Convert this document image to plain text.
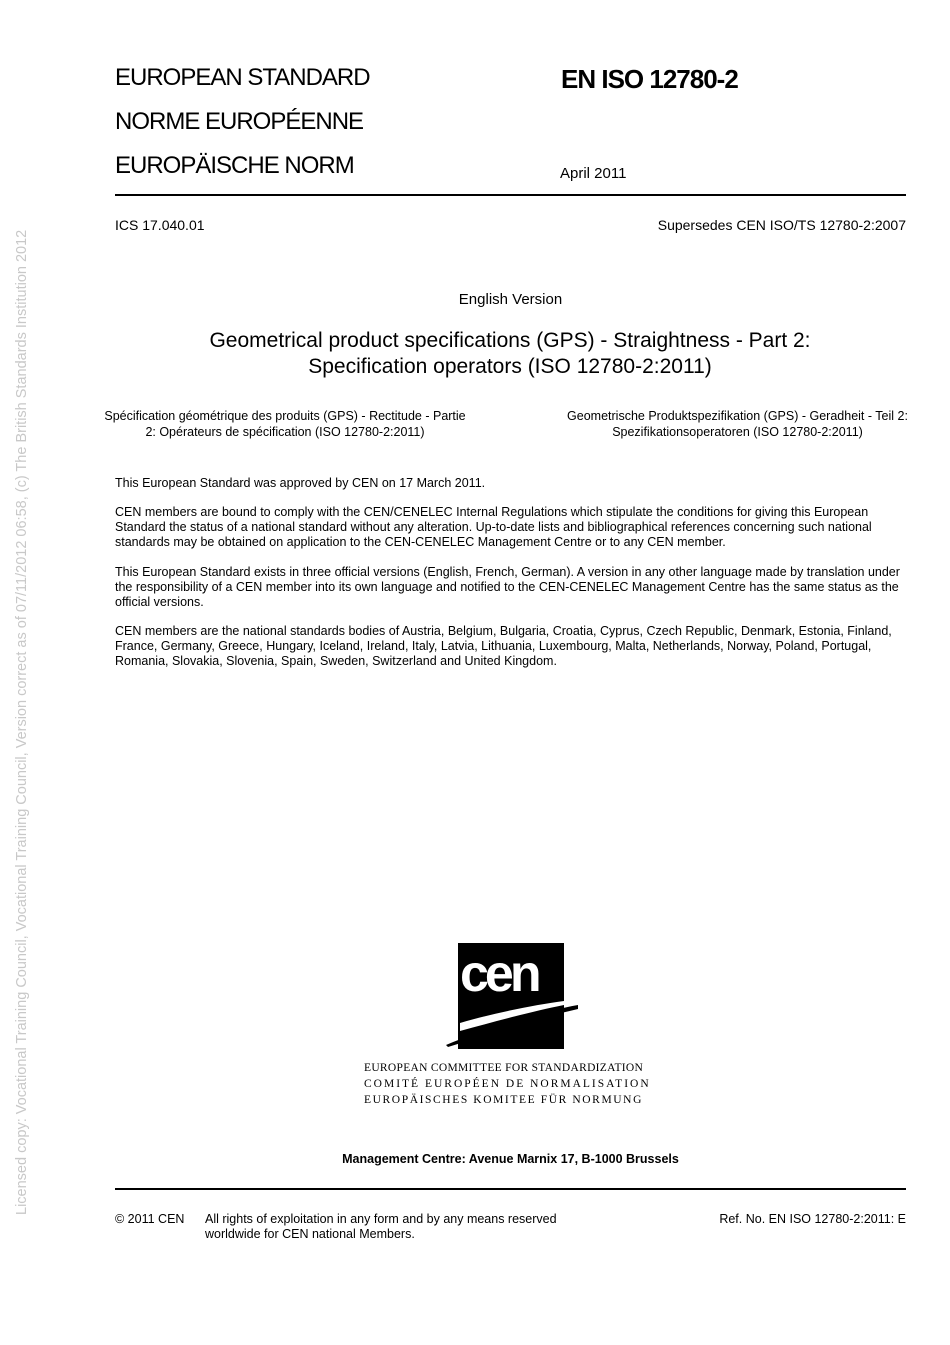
EUROPEAN STANDARD
NORME EUROPÉENNE
EUROPÄISCHE NORM
EN ISO 12780-2
April 2011
ICS 17.040.01	Supersedes CEN ISO/TS 12780-2:2007
English Version
Geometrical product specifications (GPS) - Straightness - Part 2: Specification operators (ISO 12780-2:2011)
Spécification géométrique des produits (GPS) - Rectitude - Partie 2: Opérateurs de spécification (ISO 12780-2:2011)
Geometrische Produktspezifikation (GPS) - Geradheit - Teil 2: Spezifikationsoperatoren (ISO 12780-2:2011)
This European Standard was approved by CEN on 17 March 2011.
CEN members are bound to comply with the CEN/CENELEC Internal Regulations which stipulate the conditions for giving this European Standard the status of a national standard without any alteration. Up-to-date lists and bibliographical references concerning such national standards may be obtained on application to the CEN-CENELEC Management Centre or to any CEN member.
This European Standard exists in three official versions (English, French, German). A version in any other language made by translation under the responsibility of a CEN member into its own language and notified to the CEN-CENELEC Management Centre has the same status as the official versions.
CEN members are the national standards bodies of Austria, Belgium, Bulgaria, Croatia, Cyprus, Czech Republic, Denmark, Estonia, Finland, France, Germany, Greece, Hungary, Iceland, Ireland, Italy, Latvia, Lithuania, Luxembourg, Malta, Netherlands, Norway, Poland, Portugal, Romania, Slovakia, Slovenia, Spain, Sweden, Switzerland and United Kingdom.
cen
EUROPEAN COMMITTEE FOR STANDARDIZATION
COMITÉ EUROPÉEN DE NORMALISATION
EUROPÄISCHES KOMITEE FÜR NORMUNG
Management Centre: Avenue Marnix 17, B-1000 Brussels
© 2011 CEN All rights of exploitation in any form and by any means reserved worldwide for CEN national Members.
Ref. No. EN ISO 12780-2:2011: E
Licensed copy: Vocational Training Council, Vocational Training Council, Version correct as of 07/11/2012 06:58, (c) The British Standards Institution 2012
